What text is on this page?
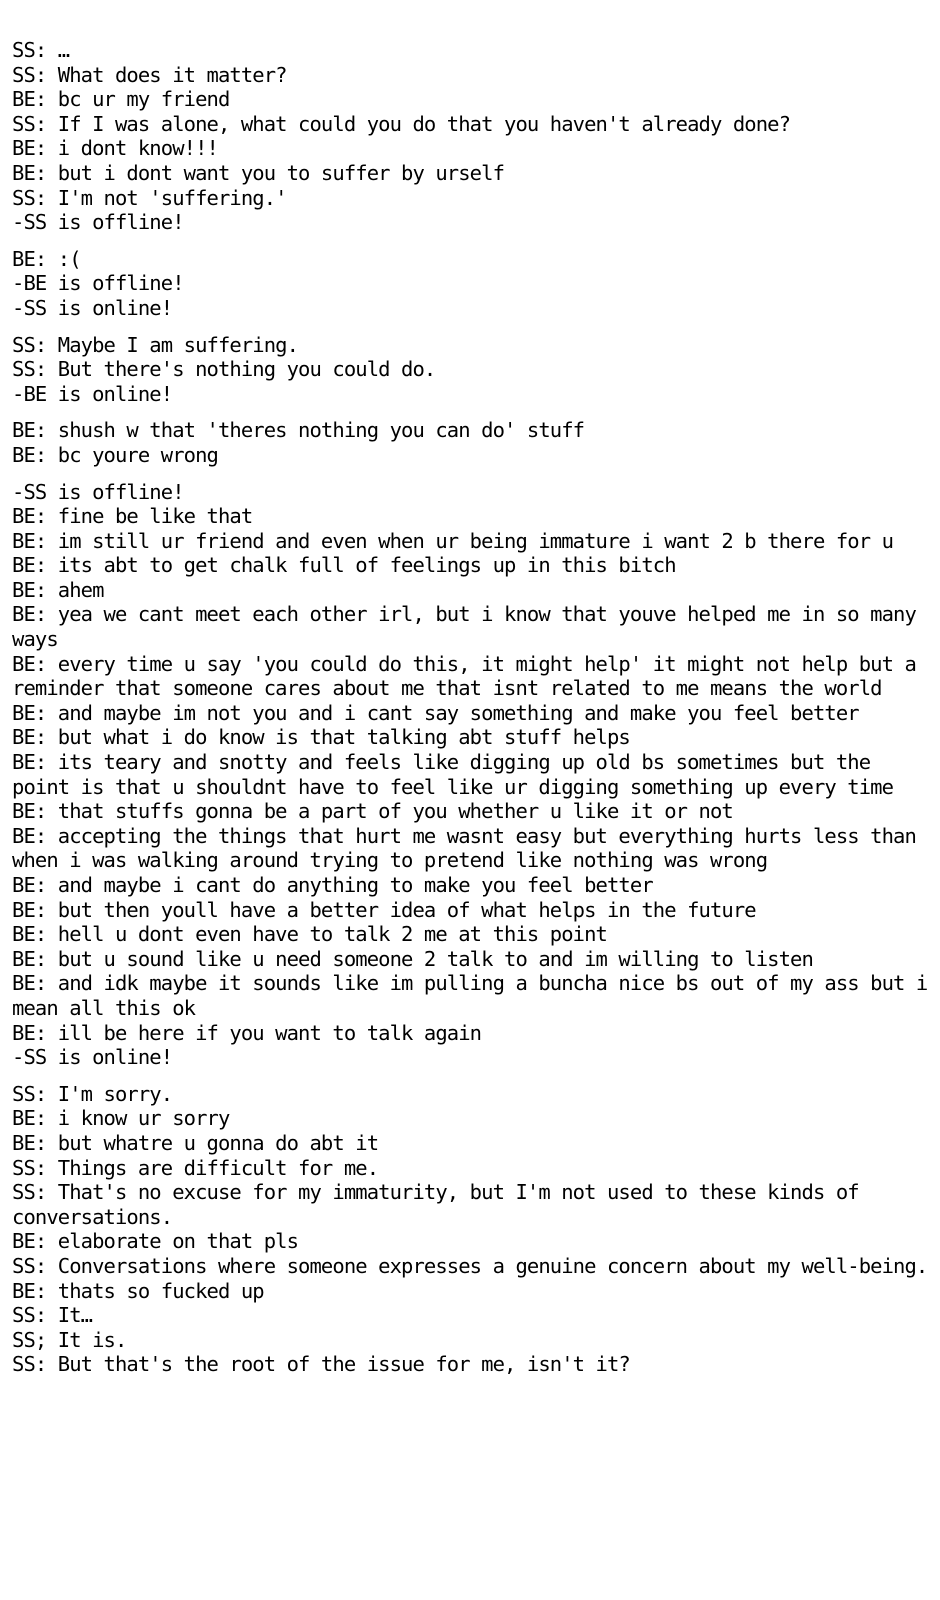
SS: …
SS: What does it matter?
BE: bc ur my friend
SS: If I was alone, what could you do that you haven't already done?
BE: i dont know!!!
BE: but i dont want you to suffer by urself
SS: I'm not 'suffering.'
-SS is offline!
BE: :(
-BE is offline!
-SS is online!
SS: Maybe I am suffering.
SS: But there's nothing you could do.
-BE is online!
BE: shush w that 'theres nothing you can do' stuff
BE: bc youre wrong
-SS is offline!
BE: fine be like that
BE: im still ur friend and even when ur being immature i want 2 b there for u
BE: its abt to get chalk full of feelings up in this bitch
BE: ahem
BE: yea we cant meet each other irl, but i know that youve helped me in so many ways
BE: every time u say 'you could do this, it might help' it might not help but a reminder that someone cares about me that isnt related to me means the world
BE: and maybe im not you and i cant say something and make you feel better
BE: but what i do know is that talking abt stuff helps
BE: its teary and snotty and feels like digging up old bs sometimes but the point is that u shouldnt have to feel like ur digging something up every time
BE: that stuffs gonna be a part of you whether u like it or not
BE: accepting the things that hurt me wasnt easy but everything hurts less than when i was walking around trying to pretend like nothing was wrong
BE: and maybe i cant do anything to make you feel better
BE: but then youll have a better idea of what helps in the future
BE: hell u dont even have to talk 2 me at this point
BE: but u sound like u need someone 2 talk to and im willing to listen
BE: and idk maybe it sounds like im pulling a buncha nice bs out of my ass but i mean all this ok
BE: ill be here if you want to talk again
-SS is online!
SS: I'm sorry.
BE: i know ur sorry
BE: but whatre u gonna do abt it
SS: Things are difficult for me.
SS: That's no excuse for my immaturity, but I'm not used to these kinds of conversations.
BE: elaborate on that pls
SS: Conversations where someone expresses a genuine concern about my well-being.
BE: thats so fucked up
SS: It…
SS; It is.
SS: But that's the root of the issue for me, isn't it?
